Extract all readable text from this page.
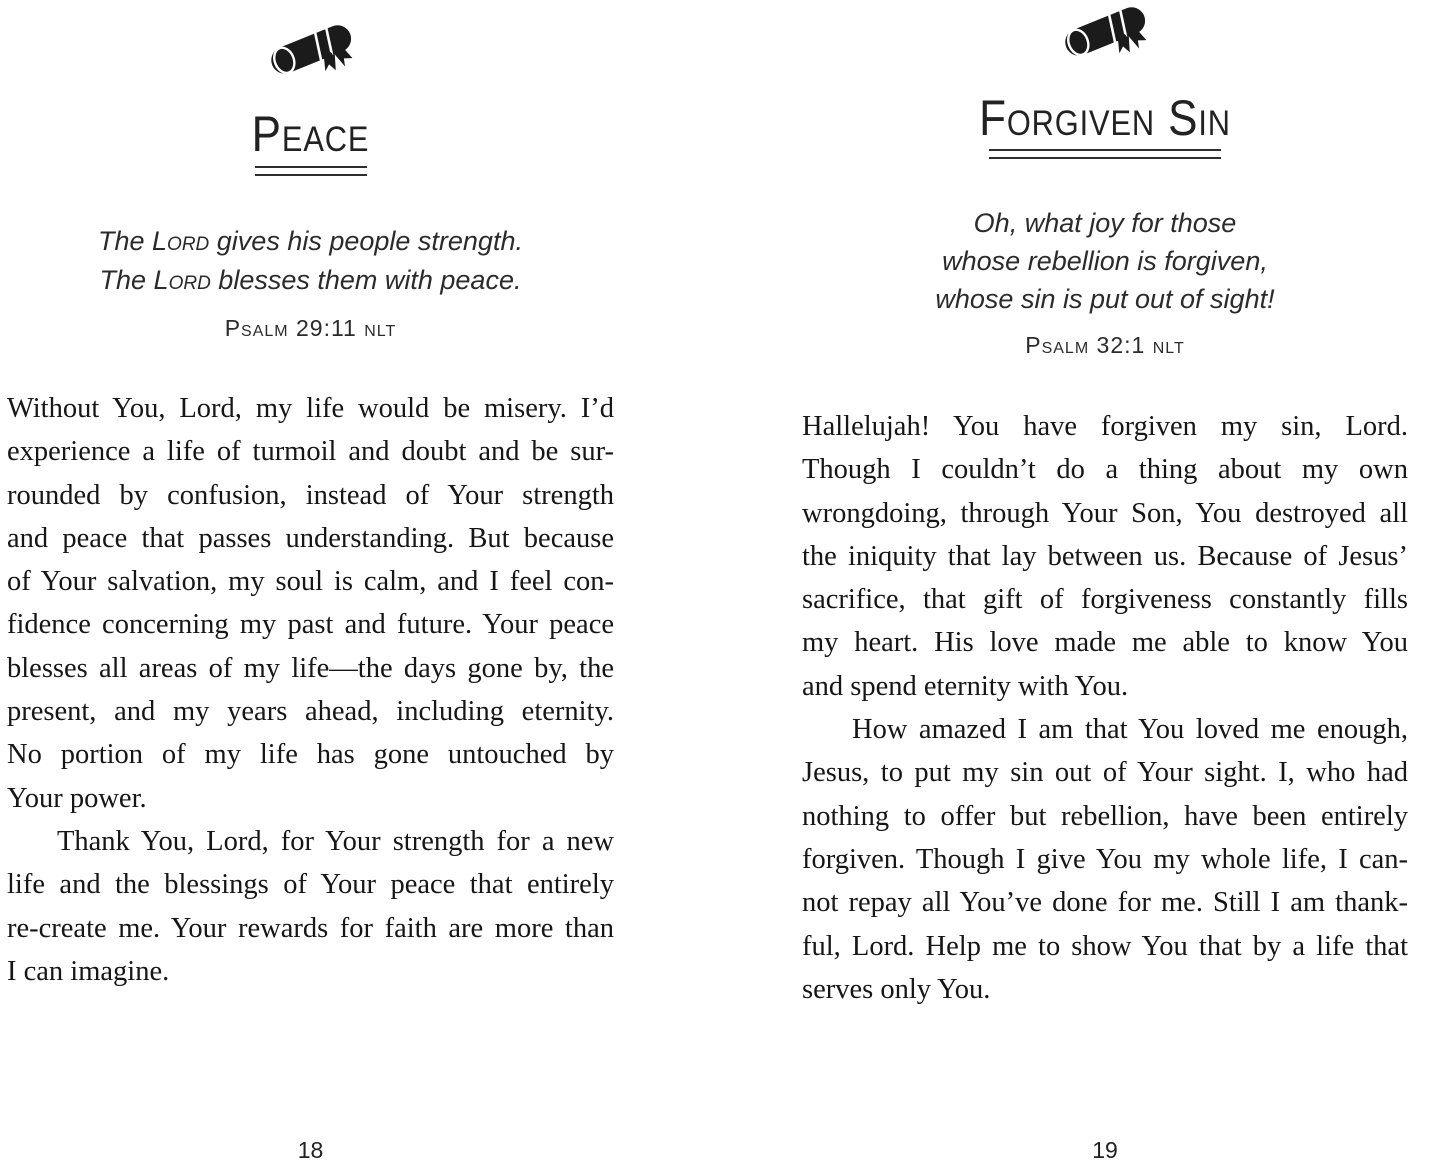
Peace
The Lord gives his people strength.
The Lord blesses them with peace.
Psalm 29:11 nlt
Without You, Lord, my life would be misery. I’d
experience a life of turmoil and doubt and be sur-
rounded by confusion, instead of Your strength
and peace that passes understanding. But because
of Your salvation, my soul is calm, and I feel con-
fidence concerning my past and future. Your peace
blesses all areas of my life—the days gone by, the
present, and my years ahead, including eternity.
No portion of my life has gone untouched by
Your power.
Thank You, Lord, for Your strength for a new
life and the blessings of Your peace that entirely
re-create me. Your rewards for faith are more than
I can imagine.
18
Forgiven Sin
Oh, what joy for those
whose rebellion is forgiven,
whose sin is put out of sight!
Psalm 32:1 nlt
Hallelujah! You have forgiven my sin, Lord.
Though I couldn’t do a thing about my own
wrongdoing, through Your Son, You destroyed all
the iniquity that lay between us. Because of Jesus’
sacrifice, that gift of forgiveness constantly fills
my heart. His love made me able to know You
and spend eternity with You.
How amazed I am that You loved me enough,
Jesus, to put my sin out of Your sight. I, who had
nothing to offer but rebellion, have been entirely
forgiven. Though I give You my whole life, I can-
not repay all You’ve done for me. Still I am thank-
ful, Lord. Help me to show You that by a life that
serves only You.
19
